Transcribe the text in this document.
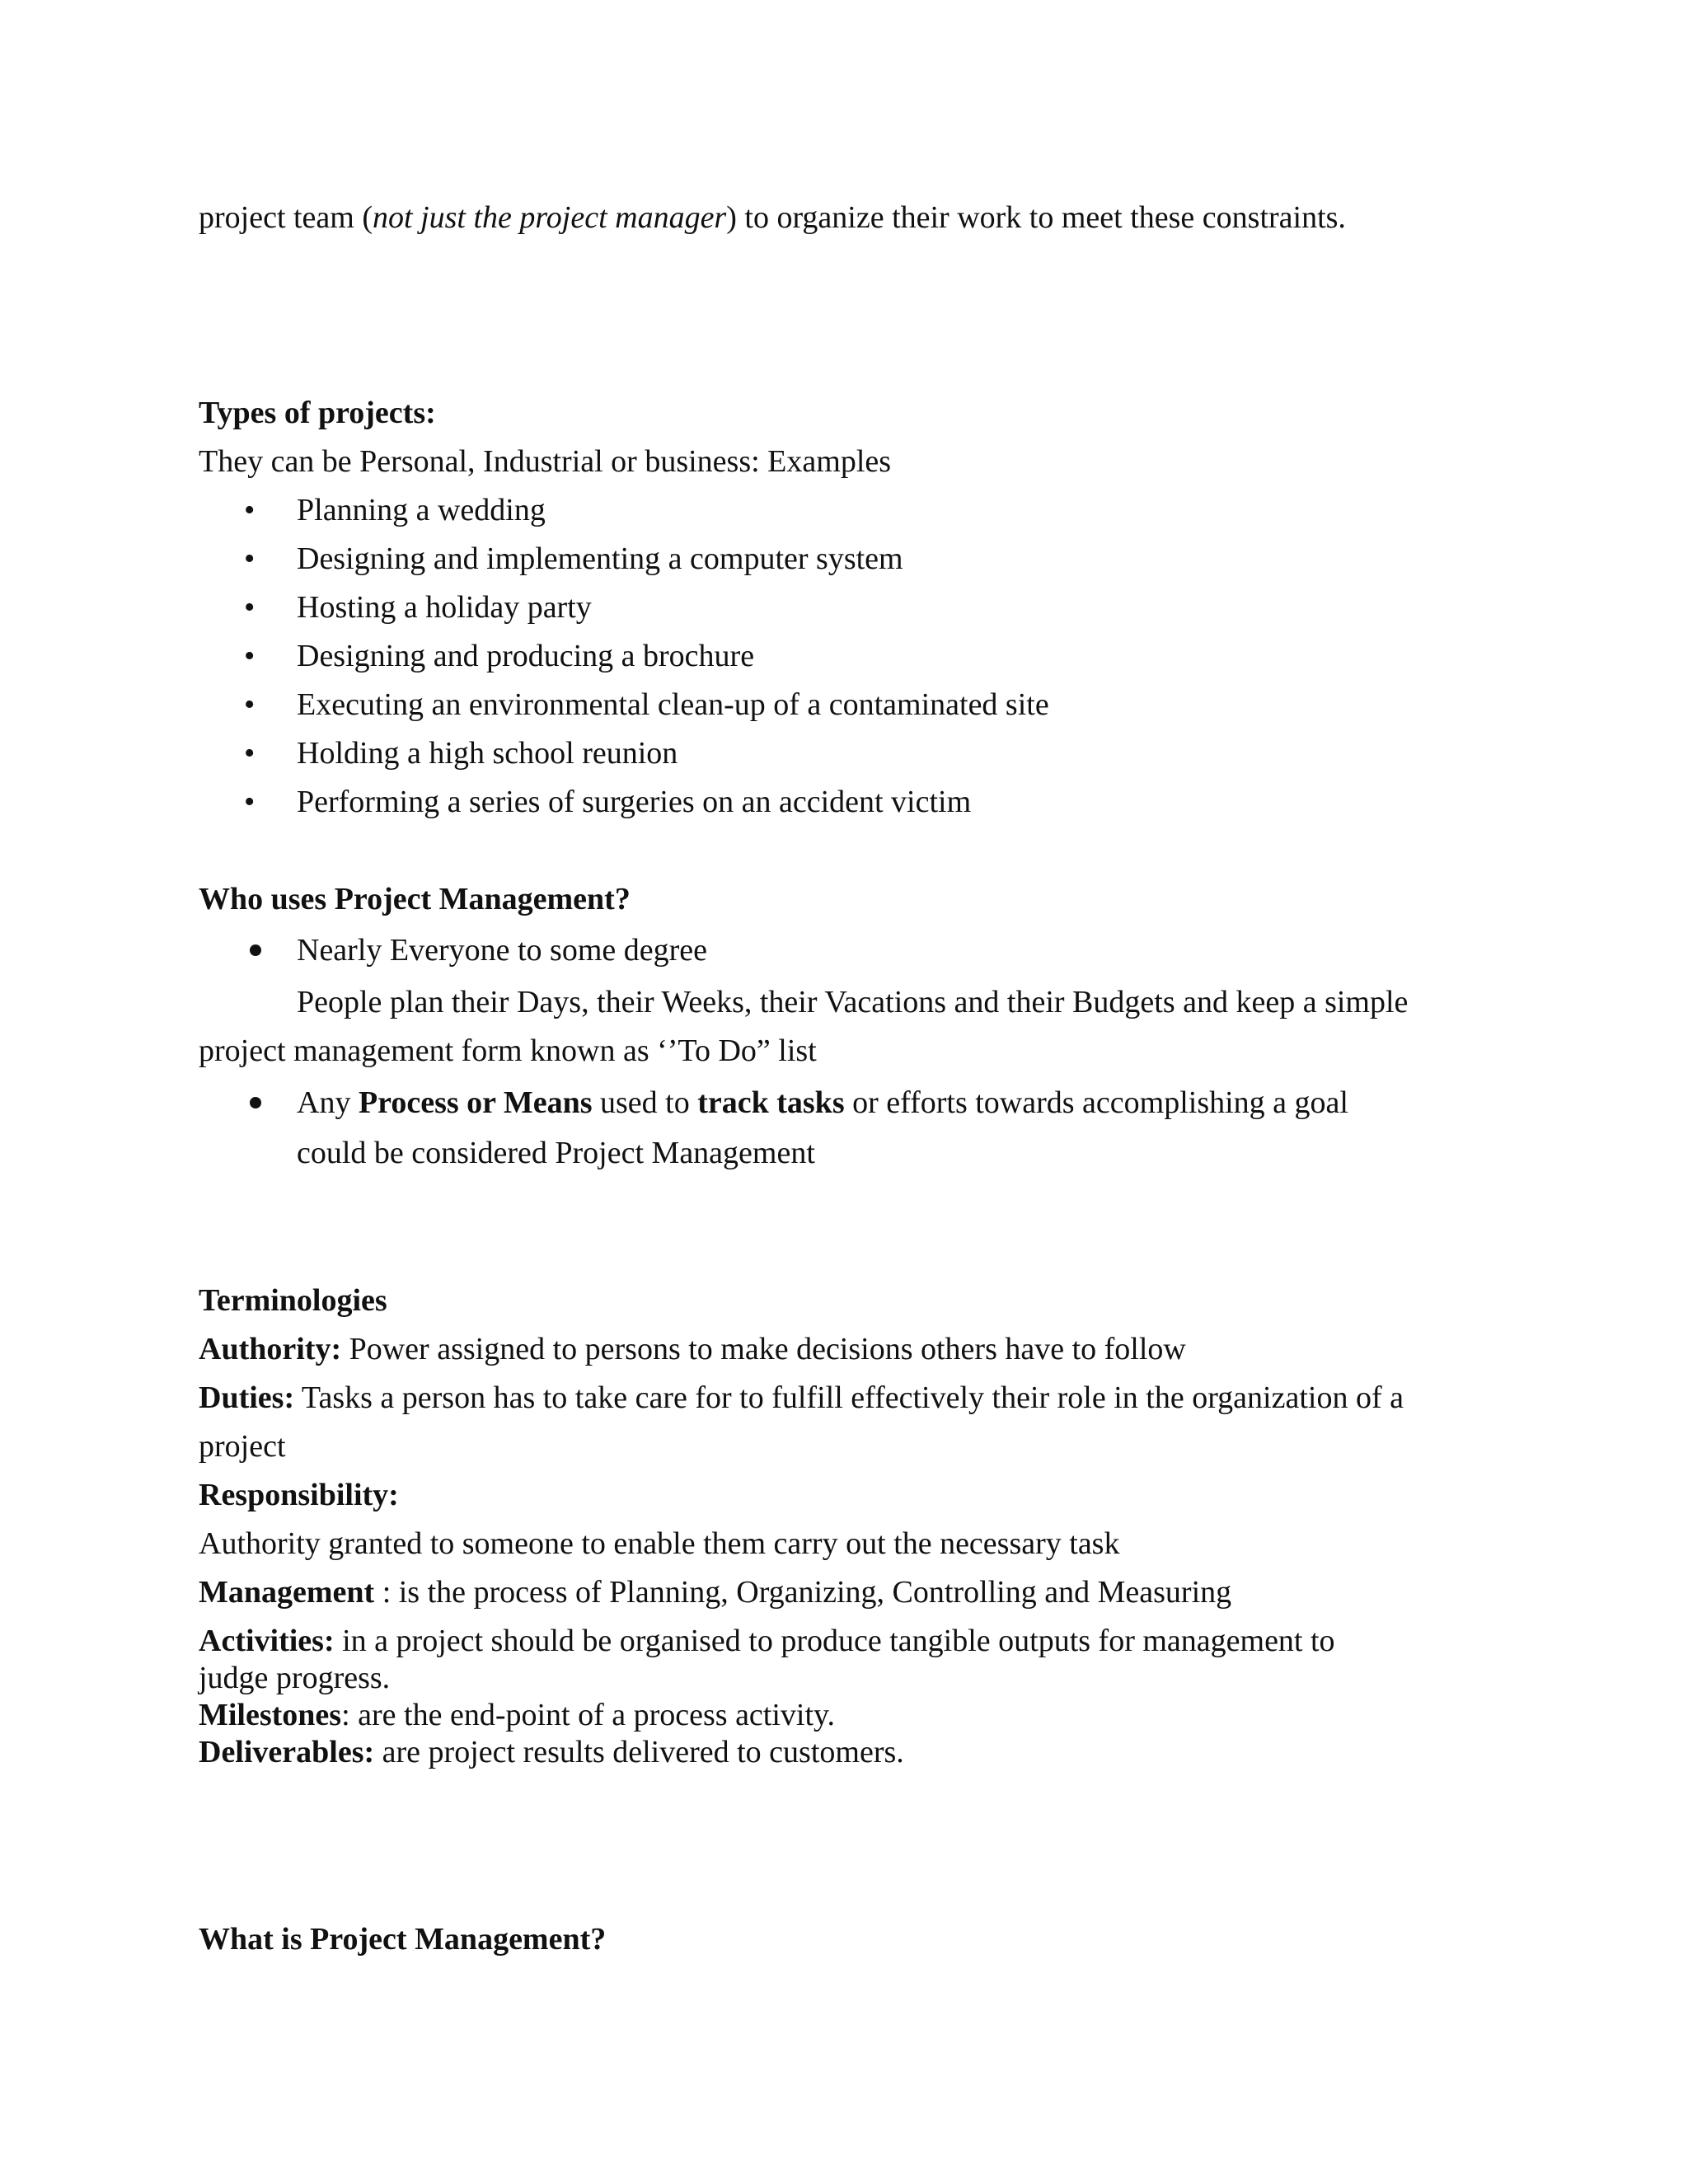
project team (not just the project manager) to organize their work to meet these constraints.
Types of projects:
They can be Personal, Industrial or business: Examples
• Planning a wedding
• Designing and implementing a computer system
• Hosting a holiday party
• Designing and producing a brochure
• Executing an environmental clean-up of a contaminated site
• Holding a high school reunion
• Performing a series of surgeries on an accident victim
Who uses Project Management?
Nearly Everyone to some degree
People plan their Days, their Weeks, their Vacations and their Budgets and keep a simple
project management form known as ‘’To Do” list
Any Process or Means used to track tasks or efforts towards accomplishing a goal
could be considered Project Management
Terminologies
Authority: Power assigned to persons to make decisions others have to follow
Duties: Tasks a person has to take care for to fulfill effectively their role in the organization of a
project
Responsibility:
Authority granted to someone to enable them carry out the necessary task
Management : is the process of Planning, Organizing, Controlling and Measuring
Activities: in a project should be organised to produce tangible outputs for management to
judge progress.
Milestones: are the end-point of a process activity.
Deliverables: are project results delivered to customers.
What is Project Management?
